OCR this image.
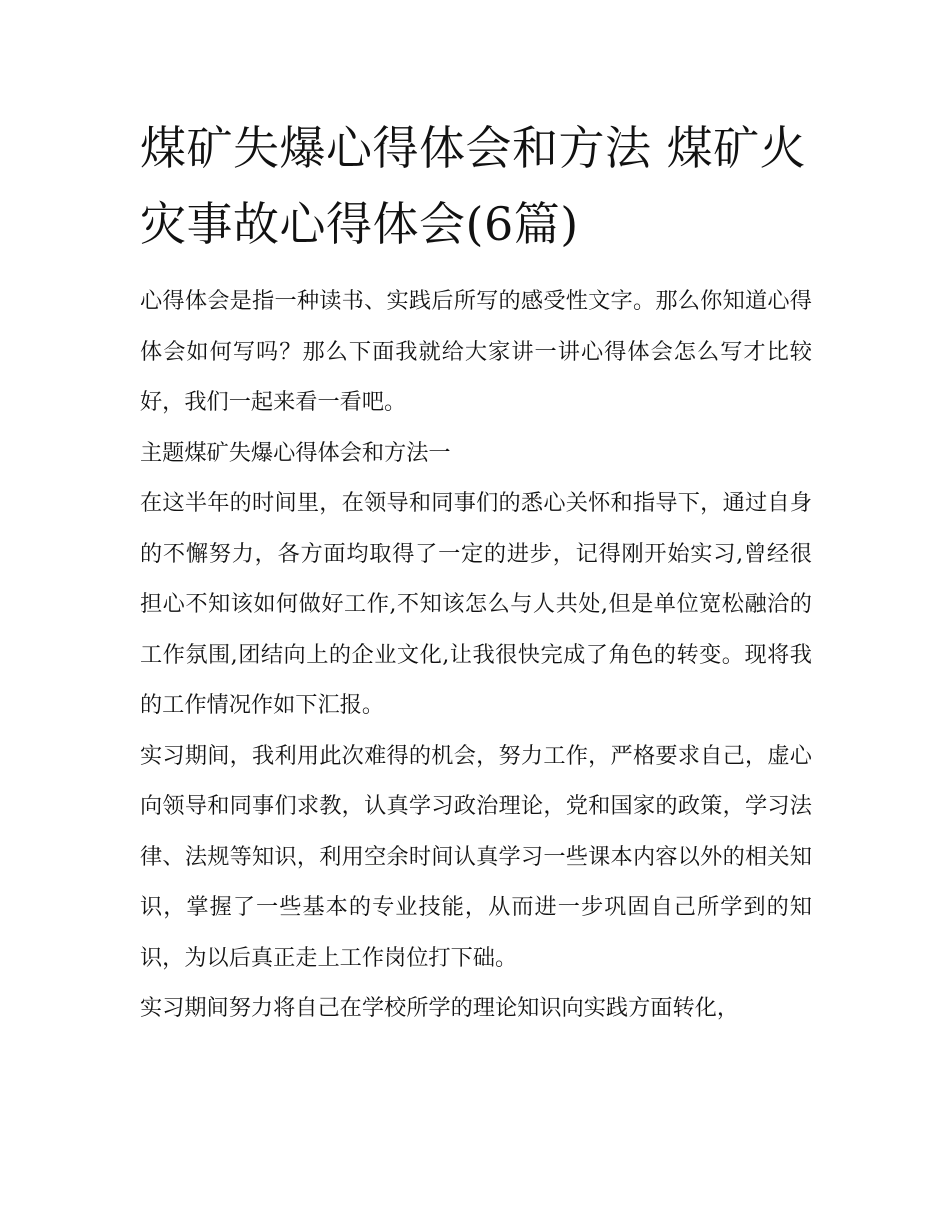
煤矿失爆心得体会和方法 煤矿火灾事故心得体会(6篇)

心得体会是指一种读书、实践后所写的感受性文字。那么你知道心得体会如何写吗？那么下面我就给大家讲一讲心得体会怎么写才比较好，我们一起来看一看吧。

主题煤矿失爆心得体会和方法一

在这半年的时间里，在领导和同事们的悉心关怀和指导下，通过自身的不懈努力，各方面均取得了一定的进步，记得刚开始实习,曾经很担心不知该如何做好工作,不知该怎么与人共处,但是单位宽松融洽的工作氛围,团结向上的企业文化,让我很快完成了角色的转变。现将我的工作情况作如下汇报。

实习期间，我利用此次难得的机会，努力工作，严格要求自己，虚心向领导和同事们求教，认真学习政治理论，党和国家的政策，学习法律、法规等知识，利用空余时间认真学习一些课本内容以外的相关知识，掌握了一些基本的专业技能，从而进一步巩固自己所学到的知识，为以后真正走上工作岗位打下础。

实习期间努力将自己在学校所学的理论知识向实践方面转化，
